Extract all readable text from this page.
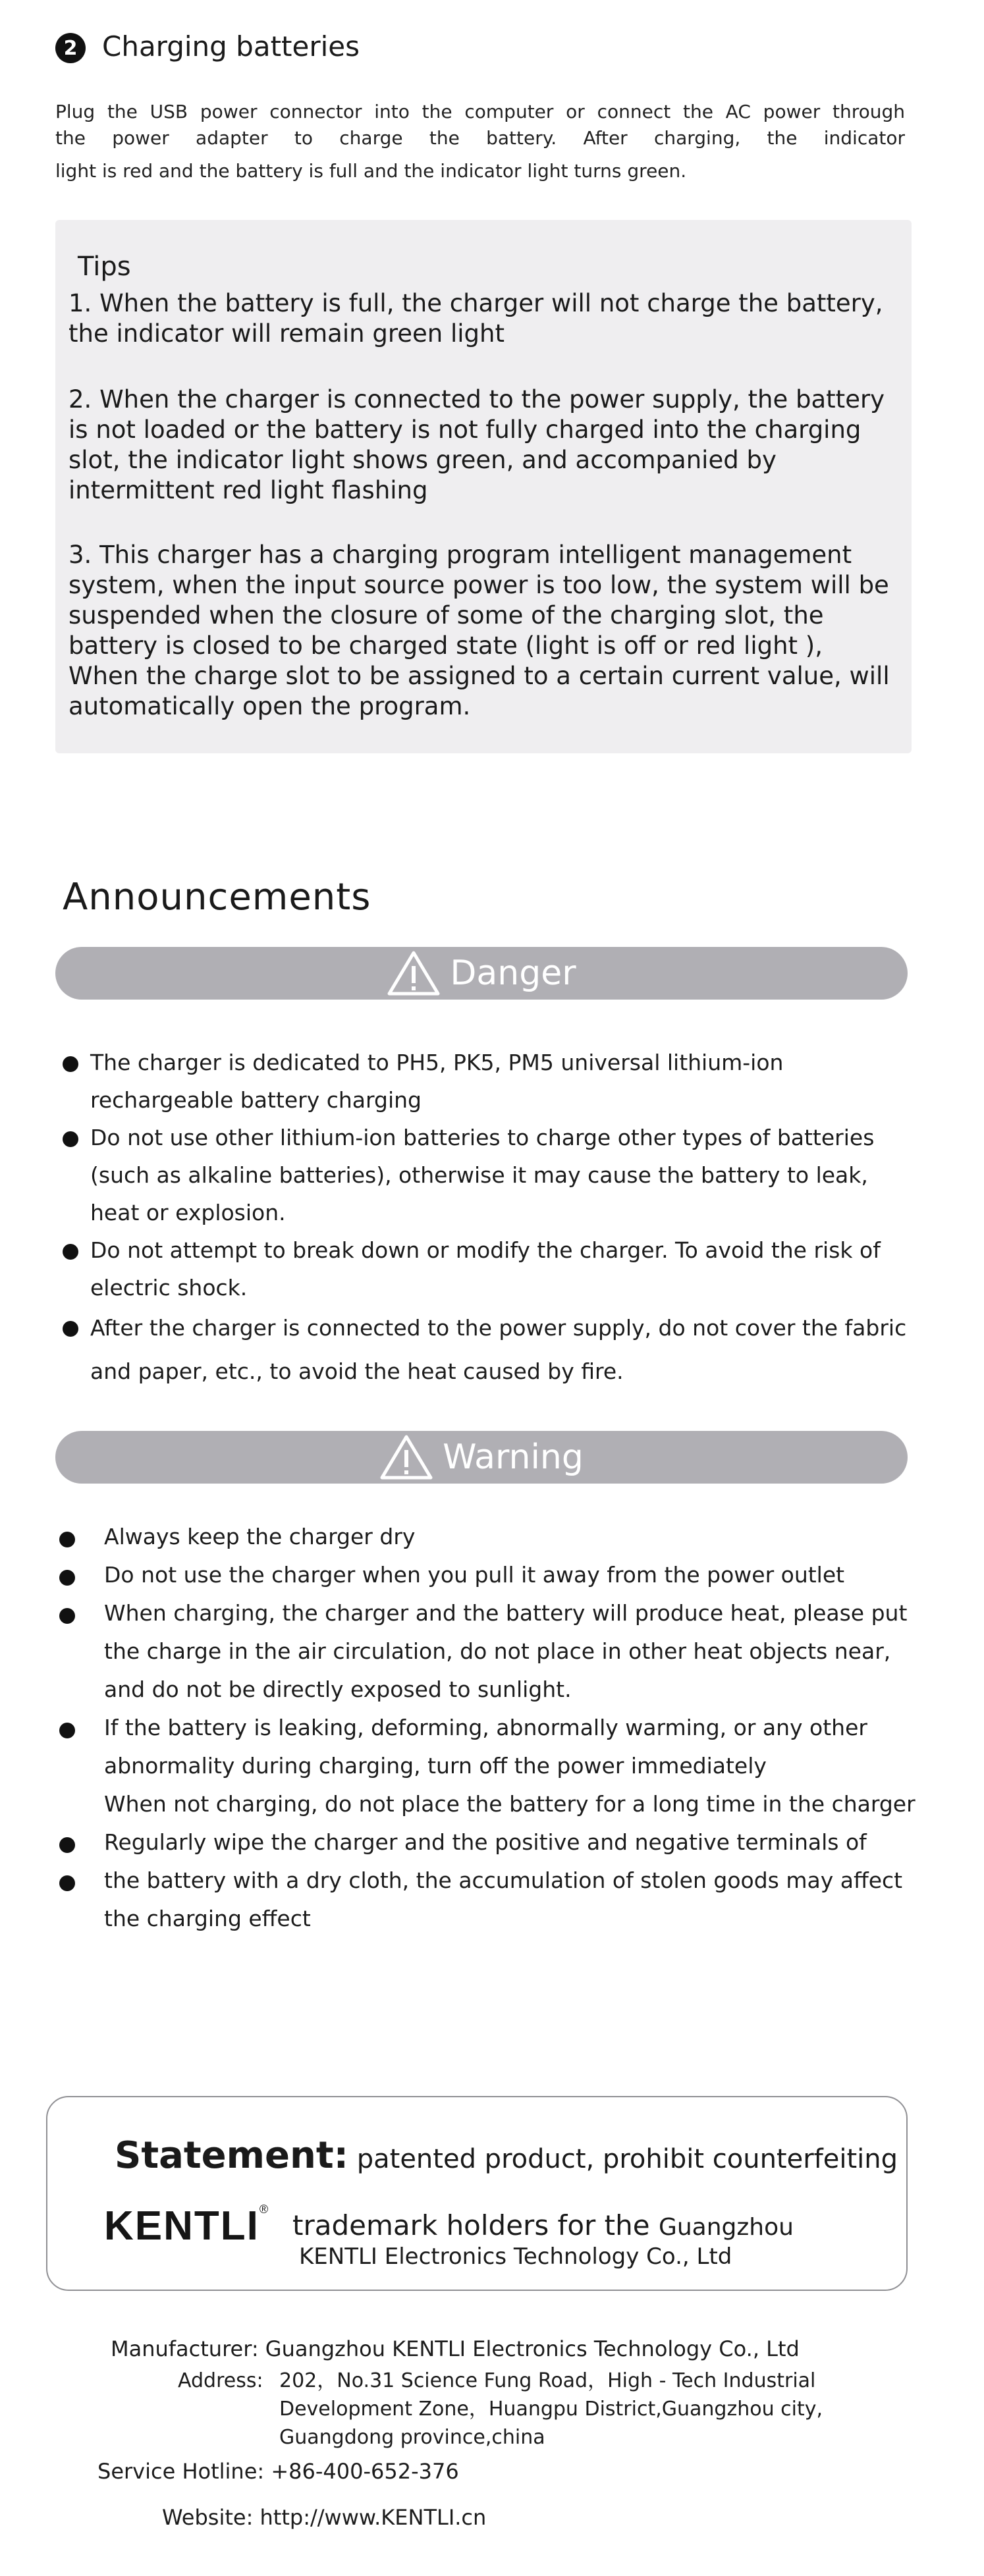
2 Charging batteries

Plug the USB power connector into the computer or connect the AC power through

the power adapter to charge the battery. After charging, the indicator

light is red and the battery is full and the indicator light turns green.

Tips

1. When the battery is full, the charger will not charge the battery, the indicator will remain green light

2. When the charger is connected to the power supply, the battery is not loaded or the battery is not fully charged into the charging slot, the indicator light shows green, and accompanied by intermittent red light flashing

3. This charger has a charging program intelligent management system, when the input source power is too low, the system will be suspended when the closure of some of the charging slot, the battery is closed to be charged state (light is off or red light ), When the charge slot to be assigned to a certain current value, will automatically open the program.

Announcements
Danger
The charger is dedicated to PH5, PK5, PM5 universal lithium-ion rechargeable battery charging
Do not use other lithium-ion batteries to charge other types of batteries (such as alkaline batteries), otherwise it may cause the battery to leak, heat or explosion.
Do not attempt to break down or modify the charger. To avoid the risk of electric shock.
After the charger is connected to the power supply, do not cover the fabric and paper, etc., to avoid the heat caused by fire.
Warning
Always keep the charger dry
Do not use the charger when you pull it away from the power outlet
When charging, the charger and the battery will produce heat, please put the charge in the air circulation, do not place in other heat objects near, and do not be directly exposed to sunlight.
If the battery is leaking, deforming, abnormally warming, or any other abnormality during charging, turn off the power immediately
When not charging, do not place the battery for a long time in the charger
Regularly wipe the charger and the positive and negative terminals of
the battery with a dry cloth, the accumulation of stolen goods may affect the charging effect
Statement: patented product, prohibit counterfeiting
KENTLI® trademark holders for the Guangzhou
KENTLI Electronics Technology Co., Ltd
Manufacturer: Guangzhou KENTLI Electronics Technology Co., Ltd
Address: 202，No.31 Science Fung Road，High - Tech Industrial
Development Zone，Huangpu District,Guangzhou city,
Guangdong province,china
Service Hotline: +86-400-652-376
Website: http://www.KENTLI.cn
